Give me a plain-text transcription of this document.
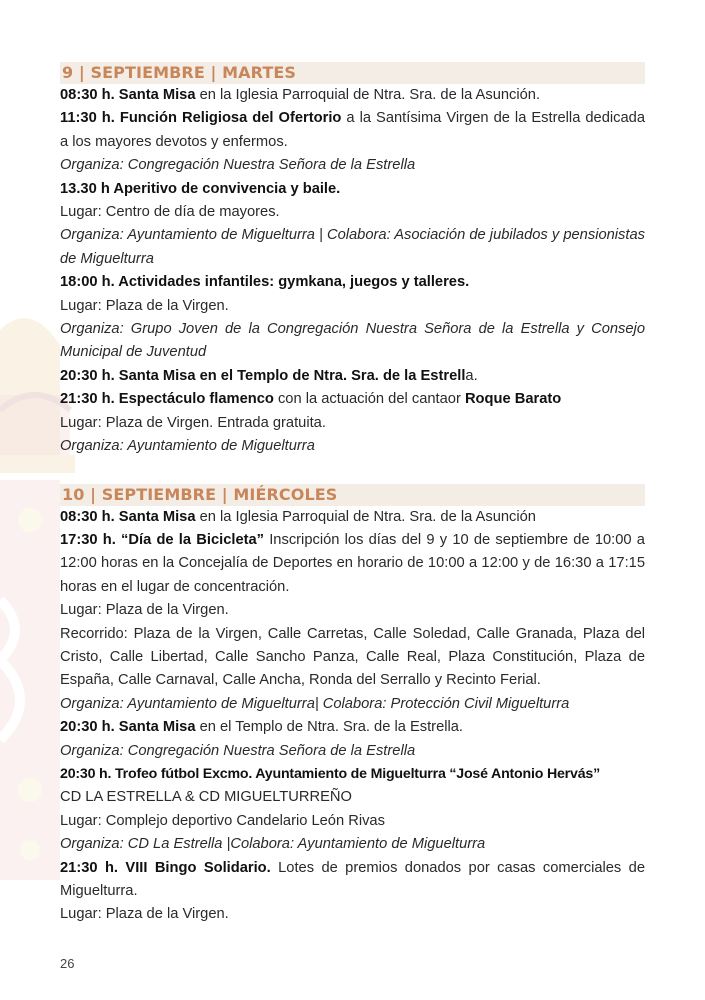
9 | SEPTIEMBRE | MARTES
08:30 h. Santa Misa en la Iglesia Parroquial de Ntra. Sra. de la Asunción.
11:30 h. Función Religiosa del Ofertorio a la Santísima Virgen de la Estrella dedicada a los mayores devotos y enfermos.
Organiza: Congregación Nuestra Señora de la Estrella
13.30 h Aperitivo de convivencia y baile.
Lugar: Centro de día de mayores.
Organiza: Ayuntamiento de Miguelturra | Colabora: Asociación de jubilados y pensionistas de Miguelturra
18:00 h. Actividades infantiles: gymkana, juegos y talleres.
Lugar: Plaza de la Virgen.
Organiza: Grupo Joven de la Congregación Nuestra Señora de la Estrella y Consejo Municipal de Juventud
20:30 h. Santa Misa en el Templo de Ntra. Sra. de la Estrella.
21:30 h. Espectáculo flamenco con la actuación del cantaor Roque Barato
Lugar: Plaza de Virgen. Entrada gratuita.
Organiza: Ayuntamiento de Miguelturra
10 | SEPTIEMBRE | MIÉRCOLES
08:30 h. Santa Misa en la Iglesia Parroquial de Ntra. Sra. de la Asunción
17:30 h. “Día de la Bicicleta” Inscripción los días del 9 y 10 de septiembre de 10:00 a 12:00 horas en la Concejalía de Deportes en horario de 10:00 a 12:00 y de 16:30 a 17:15 horas en el lugar de concentración.
Lugar: Plaza de la Virgen.
Recorrido: Plaza de la Virgen, Calle Carretas, Calle Soledad, Calle Granada, Plaza del Cristo, Calle Libertad, Calle Sancho Panza, Calle Real, Plaza Constitución, Plaza de España, Calle Carnaval, Calle Ancha, Ronda del Serrallo y Recinto Ferial.
Organiza: Ayuntamiento de Miguelturra| Colabora: Protección Civil Miguelturra
20:30 h. Santa Misa en el Templo de Ntra. Sra. de la Estrella.
Organiza: Congregación Nuestra Señora de la Estrella
20:30 h. Trofeo fútbol Excmo. Ayuntamiento de Miguelturra “José Antonio Hervás”
CD LA ESTRELLA & CD MIGUELTURREÑO
Lugar: Complejo deportivo Candelario León Rivas
Organiza: CD La Estrella |Colabora: Ayuntamiento de Miguelturra
21:30 h. VIII Bingo Solidario. Lotes de premios donados por casas comerciales de Miguelturra.
Lugar: Plaza de la Virgen.
26
